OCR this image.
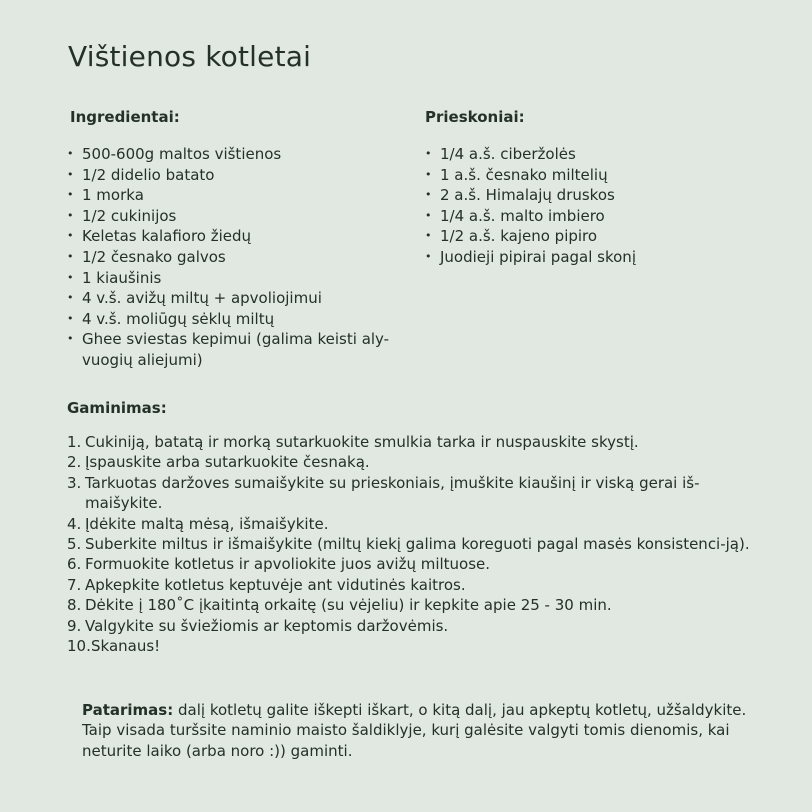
Vištienos kotletai
Ingredientai:
• 500-600g maltos vištienos
• 1/2 didelio batato
• 1 morka
• 1/2 cukinijos
• Keletas kalafioro žiedų
• 1/2 česnako galvos
• 1 kiaušinis
• 4 v.š. avižų miltų + apvoliojimui
• 4 v.š. moliūgų sėklų miltų
• Ghee sviestas kepimui (galima keisti aly-vuogių aliejumi)
Prieskoniai:
• 1/4 a.š. ciberžolės
• 1 a.š. česnako miltelių
• 2 a.š. Himalajų druskos
• 1/4 a.š. malto imbiero
• 1/2 a.š. kajeno pipiro
• Juodieji pipirai pagal skonį
Gaminimas:
1. Cukiniją, batatą ir morką sutarkuokite smulkia tarka ir nuspauskite skystį.
2. Įspauskite arba sutarkuokite česnaką.
3. Tarkuotas daržoves sumaišykite su prieskoniais, įmuškite kiaušinį ir viską gerai iš-maišykite.
4. Įdėkite maltą mėsą, išmaišykite.
5. Suberkite miltus ir išmaišykite (miltų kiekį galima koreguoti pagal masės konsistenci-ją).
6. Formuokite kotletus ir apvoliokite juos avižų miltuose.
7. Apkepkite kotletus keptuvėje ant vidutinės kaitros.
8. Dėkite į 180˚C įkaitintą orkaitę (su vėjeliu) ir kepkite apie 25 - 30 min.
9. Valgykite su šviežiomis ar keptomis daržovėmis.
10. Skanaus!

Patarimas: dalį kotletų galite iškepti iškart, o kitą dalį, jau apkeptų kotletų, užšaldykite. Taip visada turšsite naminio maisto šaldiklyje, kurį galėsite valgyti tomis dienomis, kai neturite laiko (arba noro :)) gaminti.
